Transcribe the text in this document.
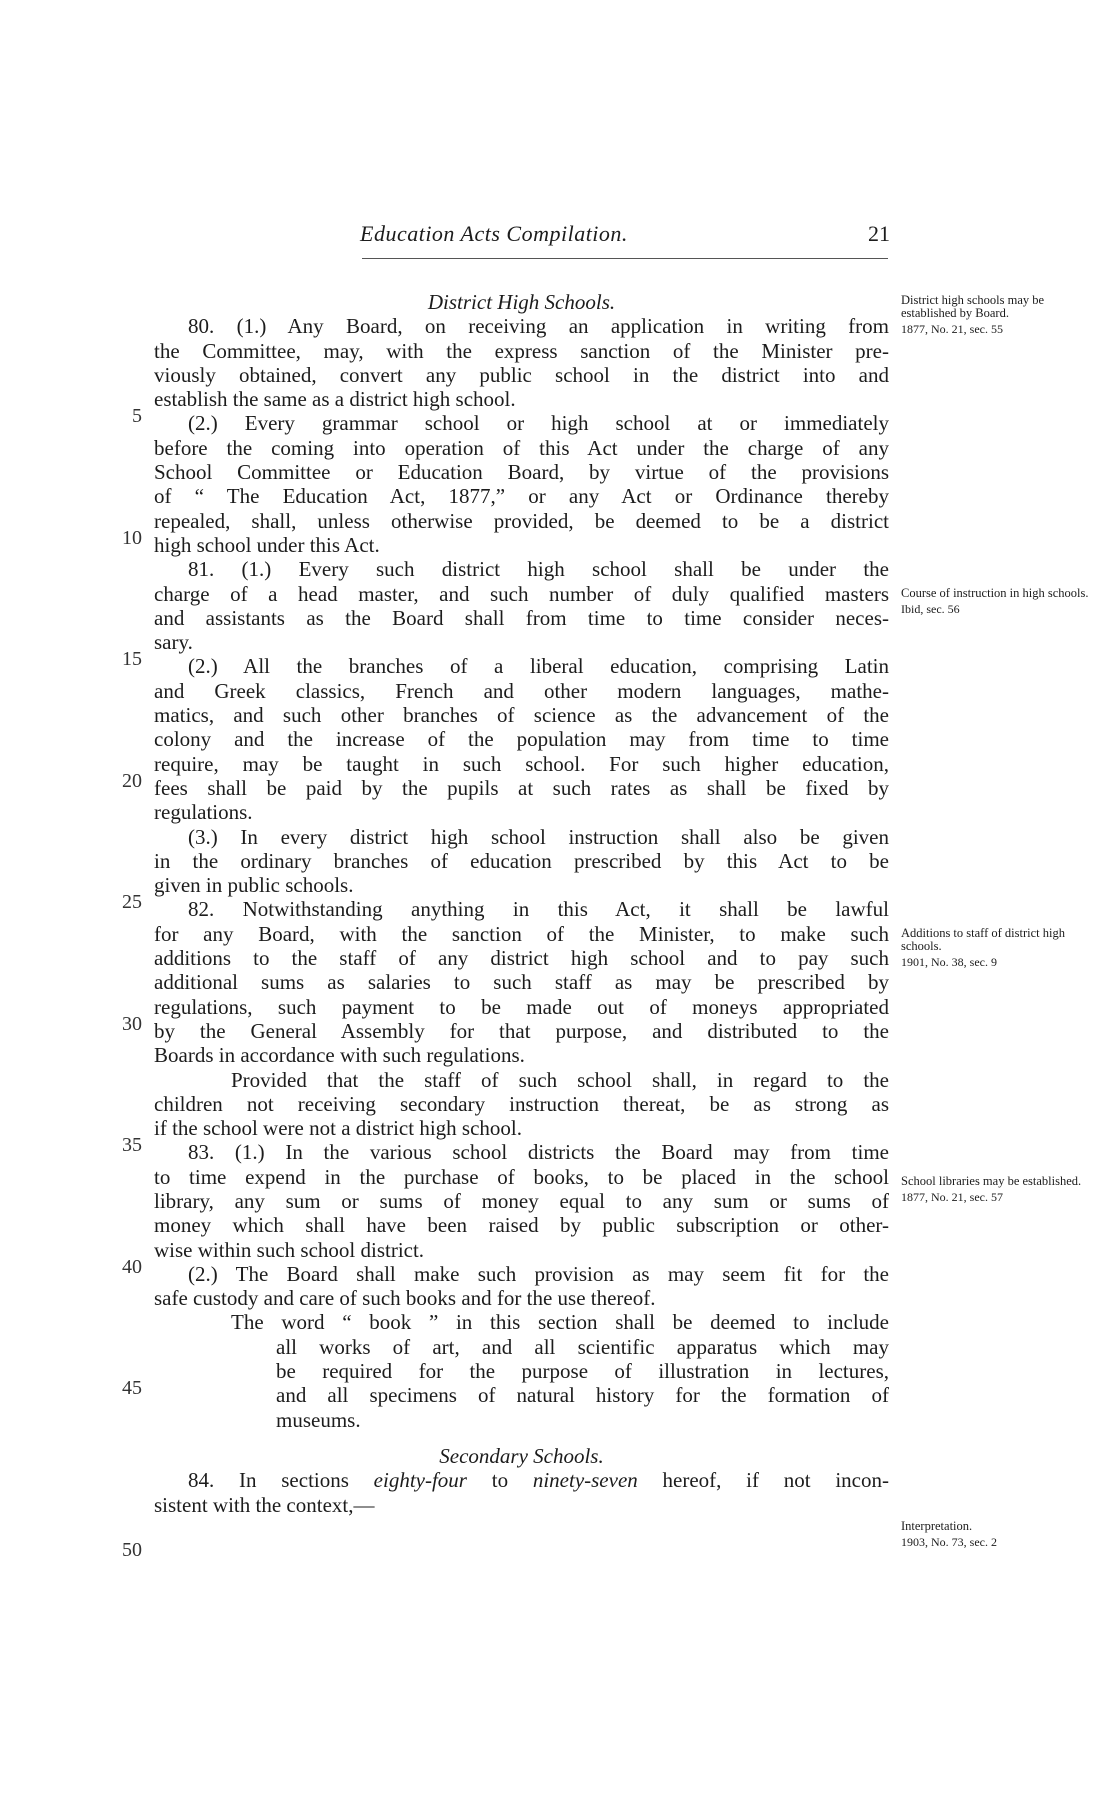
Education Acts Compilation.	21
District High Schools.
80. (1.) Any Board, on receiving an application in writing from
the Committee, may, with the express sanction of the Minister pre-
viously obtained, convert any public school in the district into and
establish the same as a district high school.
(2.) Every grammar school or high school at or immediately
before the coming into operation of this Act under the charge of any
School Committee or Education Board, by virtue of the provisions
of “ The Education Act, 1877,” or any Act or Ordinance thereby
repealed, shall, unless otherwise provided, be deemed to be a district
high school under this Act.
81. (1.) Every such district high school shall be under the
charge of a head master, and such number of duly qualified masters
and assistants as the Board shall from time to time consider neces-
sary.
(2.) All the branches of a liberal education, comprising Latin
and Greek classics, French and other modern languages, mathe-
matics, and such other branches of science as the advancement of the
colony and the increase of the population may from time to time
require, may be taught in such school. For such higher education,
fees shall be paid by the pupils at such rates as shall be fixed by
regulations.
(3.) In every district high school instruction shall also be given
in the ordinary branches of education prescribed by this Act to be
given in public schools.
82. Notwithstanding anything in this Act, it shall be lawful
for any Board, with the sanction of the Minister, to make such
additions to the staff of any district high school and to pay such
additional sums as salaries to such staff as may be prescribed by
regulations, such payment to be made out of moneys appropriated
by the General Assembly for that purpose, and distributed to the
Boards in accordance with such regulations.
Provided that the staff of such school shall, in regard to the
children not receiving secondary instruction thereat, be as strong as
if the school were not a district high school.
83. (1.) In the various school districts the Board may from time
to time expend in the purchase of books, to be placed in the school
library, any sum or sums of money equal to any sum or sums of
money which shall have been raised by public subscription or other-
wise within such school district.
(2.) The Board shall make such provision as may seem fit for the
safe custody and care of such books and for the use thereof.
The word “ book ” in this section shall be deemed to include
all works of art, and all scientific apparatus which may
be required for the purpose of illustration in lectures,
and all specimens of natural history for the formation of
museums.
Secondary Schools.
84. In sections eighty-four to ninety-seven hereof, if not incon-
sistent with the context,—
District high schools may be established by Board.
1877, No. 21, sec. 55
Course of instruction in high schools.
Ibid, sec. 56
Additions to staff of district high schools.
1901, No. 38, sec. 9
School libraries may be established.
1877, No. 21, sec. 57
Interpretation.
1903, No. 73, sec. 2
5
10
15
20
25
30
35
40
45
50
